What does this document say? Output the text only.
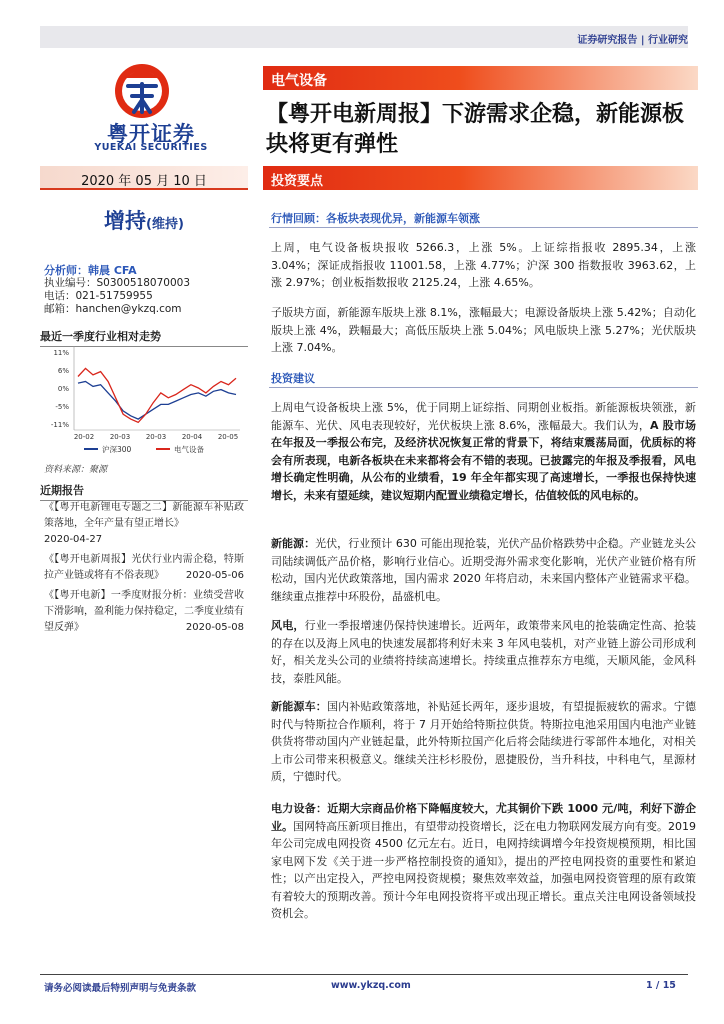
证券研究报告 | 行业研究
粤开证券
YUEKAI SECURITIES
电气设备
【粤开电新周报】下游需求企稳，新能源板块将更有弹性
2020 年 05 月 10 日	投资要点
增持(维持)
分析师：韩晨 CFA
执业编号：S0300518070003
电话：021-51759955
邮箱：hanchen@ykzq.com
最近一季度行业相对走势
11%
6%
0%
-5%
-11%
20-02 20-03 20-03 20-04 20-05
沪深300	电气设备
资料来源：聚源
近期报告

《【粤开电新锂电专题之二】新能源车补贴政策落地，全年产量有望正增长》

2020-04-27

《【粤开电新周报】光伏行业内需企稳，特斯拉产业链或将有不俗表现》	2020-05-06

《【粤开电新】一季度财报分析：业绩受营收下滑影响，盈利能力保持稳定，二季度业绩有望反弹》	2020-05-08

行情回顾：各板块表现优异，新能源车领涨
上周，电气设备板块报收 5266.3，上涨 5%。上证综指报收 2895.34，上涨 3.04%；深证成指报收 11001.58，上涨 4.77%；沪深 300 指数报收 3963.62，上涨 2.97%；创业板指数报收 2125.24，上涨 4.65%。
子版块方面，新能源车版块上涨 8.1%，涨幅最大；电源设备版块上涨 5.42%；自动化版块上涨 4%，跌幅最大；高低压版块上涨 5.04%；风电版块上涨 5.27%；光伏版块上涨 7.04%。
投资建议
上周电气设备板块上涨 5%，优于同期上证综指、同期创业板指。新能源板块领涨，新能源车、光伏、风电表现较好，光伏板块上涨 8.6%，涨幅最大。我们认为，A 股市场在年报及一季报公布完，及经济状况恢复正常的背景下，将结束震荡局面，优质标的将会有所表现，电新各板块在未来都将会有不错的表现。已披露完的年报及季报看，风电增长确定性明确，从公布的业绩看，19 年全年都实现了高速增长，一季报也保持快速增长，未来有望延续，建议短期内配置业绩稳定增长，估值较低的风电标的。
新能源：光伏，行业预计 630 可能出现抢装，光伏产品价格跌势中企稳。产业链龙头公司陆续调低产品价格，影响行业信心。近期受海外需求变化影响，光伏产业链价格有所松动，国内光伏政策落地，国内需求 2020 年将启动，未来国内整体产业链需求平稳。继续重点推荐中环股份，晶盛机电。
风电，行业一季报增速仍保持快速增长。近两年，政策带来风电的抢装确定性高、抢装的存在以及海上风电的快速发展都将利好未来 3 年风电装机，对产业链上游公司形成利好，相关龙头公司的业绩将持续高速增长。持续重点推荐东方电缆，天顺风能，金风科技，泰胜风能。
新能源车：国内补贴政策落地，补贴延长两年，逐步退坡，有望提振疲软的需求。宁德时代与特斯拉合作顺利，将于 7 月开始给特斯拉供货。特斯拉电池采用国内电池产业链供货将带动国内产业链起量，此外特斯拉国产化后将会陆续进行零部件本地化，对相关上市公司带来积极意义。继续关注杉杉股份，恩捷股份，当升科技，中科电气，星源材质，宁德时代。
电力设备：近期大宗商品价格下降幅度较大，尤其铜价下跌 1000 元/吨，利好下游企业。国网特高压新项目推出，有望带动投资增长，泛在电力物联网发展方向有变。2019 年公司完成电网投资 4500 亿元左右。近日，电网持续调增今年投资规模预期，相比国家电网下发《关于进一步严格控制投资的通知》，提出的严控电网投资的重要性和紧迫性；以产出定投入，严控电网投资规模；聚焦效率效益，加强电网投资管理的原有政策有着较大的预期改善。预计今年电网投资将平或出现正增长。重点关注电网设备领域投资机会。
请务必阅读最后特别声明与免责条款	www.ykzq.com	1 / 15
